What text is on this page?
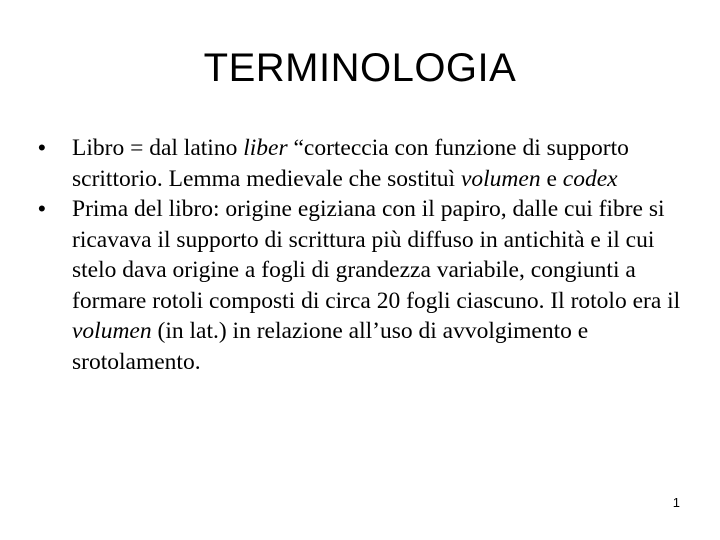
TERMINOLOGIA
• Libro = dal latino liber “corteccia con funzione di supporto scrittorio. Lemma medievale che sostituì volumen e codex
• Prima del libro: origine egiziana con il papiro, dalle cui fibre si ricavava il supporto di scrittura più diffuso in antichità e il cui stelo dava origine a fogli di grandezza variabile, congiunti a formare rotoli composti di circa 20 fogli ciascuno. Il rotolo era il volumen (in lat.) in relazione all’uso di avvolgimento e srotolamento.
1
